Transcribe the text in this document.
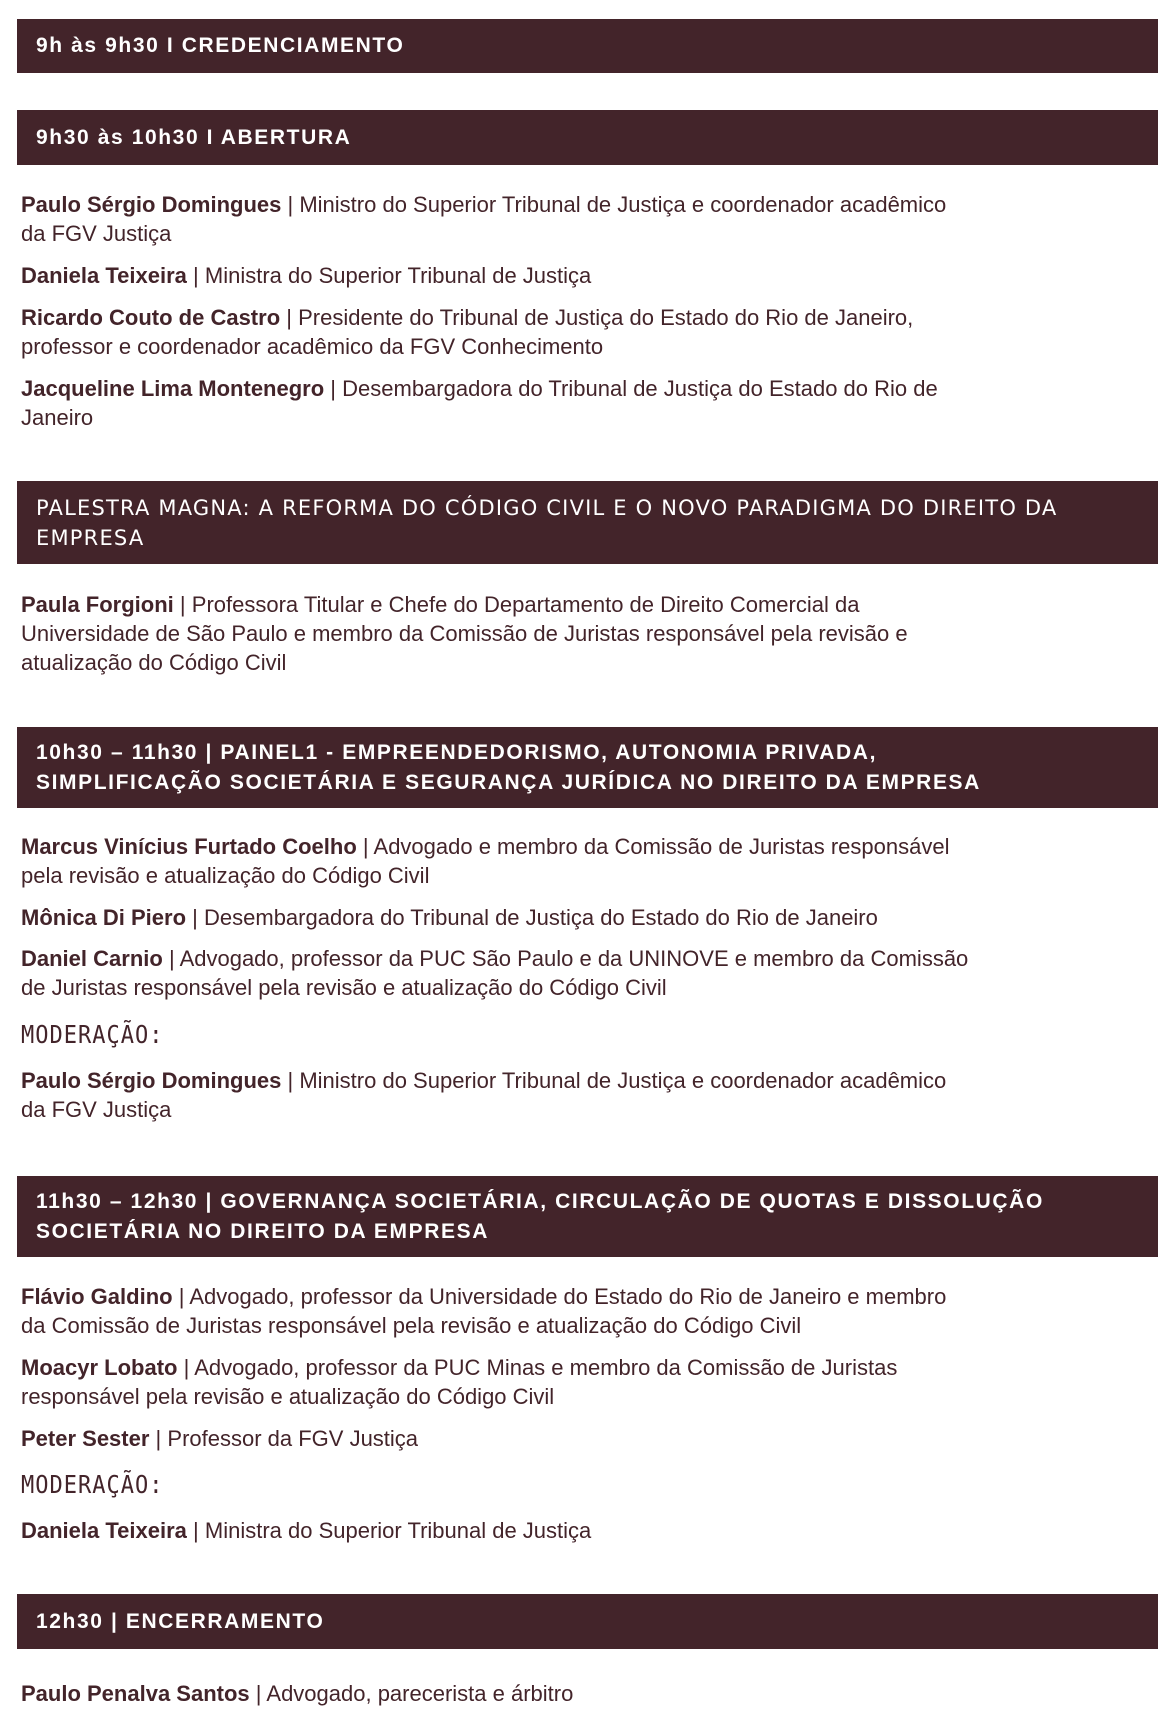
9h às 9h30 I CREDENCIAMENTO
9h30 às 10h30 I ABERTURA
Paulo Sérgio Domingues | Ministro do Superior Tribunal de Justiça e coordenador acadêmico
da FGV Justiça
Daniela Teixeira | Ministra do Superior Tribunal de Justiça
Ricardo Couto de Castro | Presidente do Tribunal de Justiça do Estado do Rio de Janeiro,
professor e coordenador acadêmico da FGV Conhecimento
Jacqueline Lima Montenegro | Desembargadora do Tribunal de Justiça do Estado do Rio de
Janeiro
PALESTRA MAGNA: A REFORMA DO CÓDIGO CIVIL E O NOVO PARADIGMA DO DIREITO DA
EMPRESA
Paula Forgioni | Professora Titular e Chefe do Departamento de Direito Comercial da
Universidade de São Paulo e membro da Comissão de Juristas responsável pela revisão e
atualização do Código Civil
10h30 – 11h30 | PAINEL1 - EMPREENDEDORISMO, AUTONOMIA PRIVADA,
SIMPLIFICAÇÃO SOCIETÁRIA E SEGURANÇA JURÍDICA NO DIREITO DA EMPRESA
Marcus Vinícius Furtado Coelho | Advogado e membro da Comissão de Juristas responsável
pela revisão e atualização do Código Civil
Mônica Di Piero | Desembargadora do Tribunal de Justiça do Estado do Rio de Janeiro
Daniel Carnio | Advogado, professor da PUC São Paulo e da UNINOVE e membro da Comissão
de Juristas responsável pela revisão e atualização do Código Civil
MODERAÇÃO:
Paulo Sérgio Domingues | Ministro do Superior Tribunal de Justiça e coordenador acadêmico
da FGV Justiça
11h30 – 12h30 | GOVERNANÇA SOCIETÁRIA, CIRCULAÇÃO DE QUOTAS E DISSOLUÇÃO
SOCIETÁRIA NO DIREITO DA EMPRESA
Flávio Galdino | Advogado, professor da Universidade do Estado do Rio de Janeiro e membro
da Comissão de Juristas responsável pela revisão e atualização do Código Civil
Moacyr Lobato | Advogado, professor da PUC Minas e membro da Comissão de Juristas
responsável pela revisão e atualização do Código Civil
Peter Sester | Professor da FGV Justiça
MODERAÇÃO:
Daniela Teixeira | Ministra do Superior Tribunal de Justiça
12h30 | ENCERRAMENTO
Paulo Penalva Santos | Advogado, parecerista e árbitro
